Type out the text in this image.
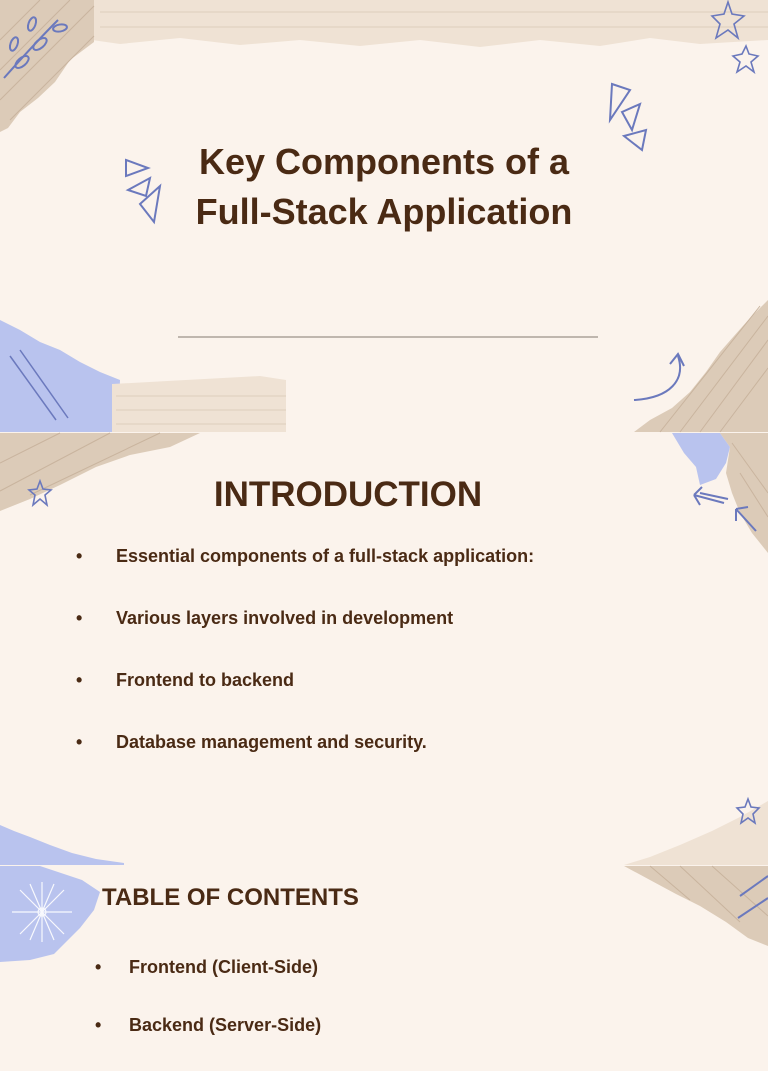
Key Components of a
Full-Stack Application
INTRODUCTION
• Essential components of a full-stack application:
• Various layers involved in development
• Frontend to backend
• Database management and security.
TABLE OF CONTENTS
• Frontend (Client-Side)
• Backend (Server-Side)
